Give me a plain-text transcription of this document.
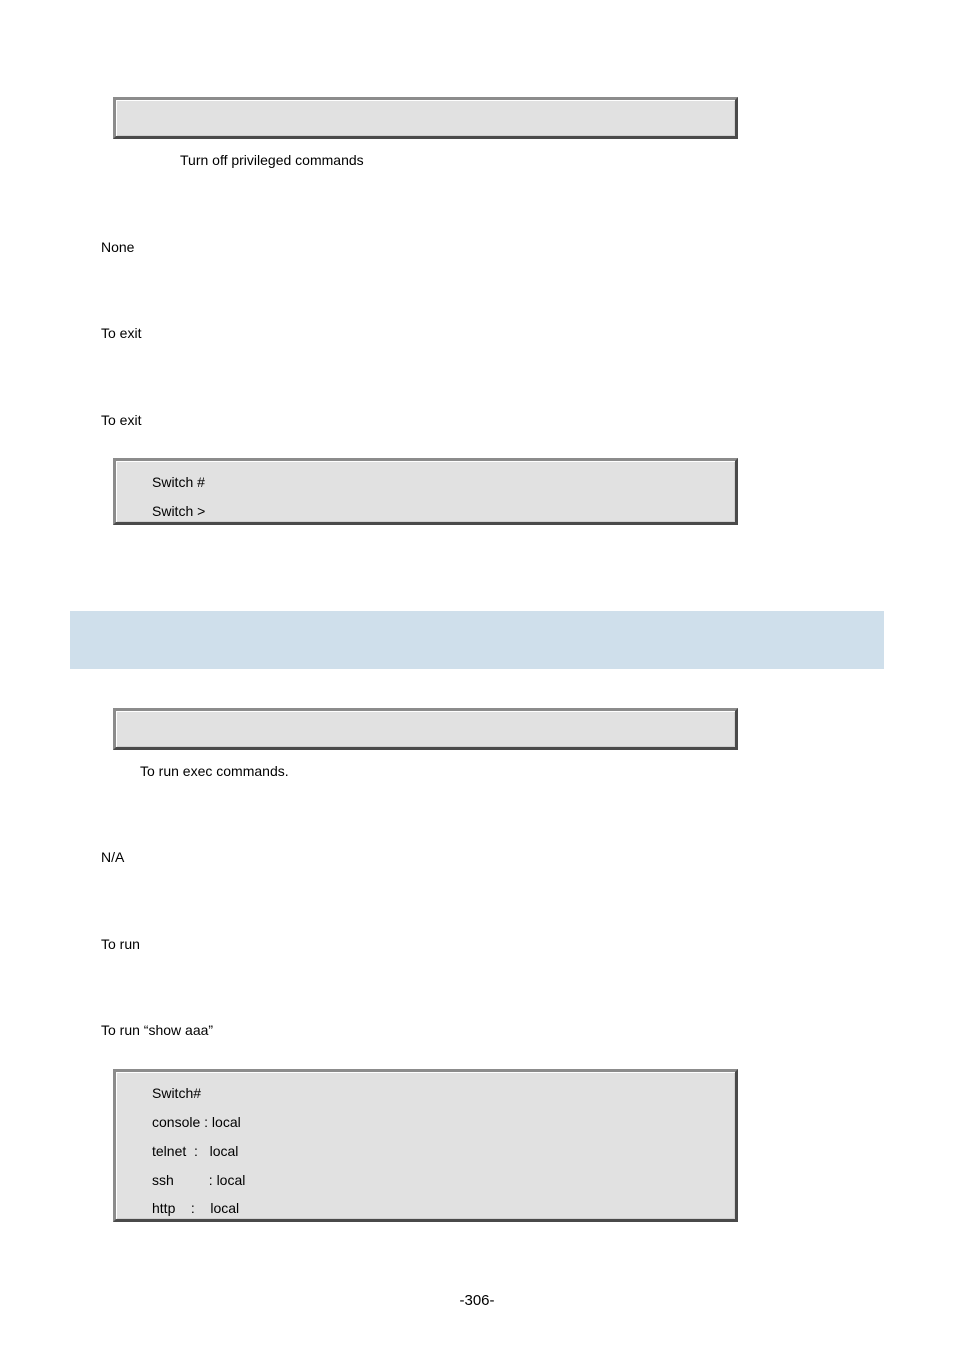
Turn off privileged commands
None
To exit
To exit
Switch #
Switch >
To run exec commands.
N/A
To run
To run “show aaa”
Switch#
console : local
telnet  :   local
ssh         : local
http    :    local
-306-
